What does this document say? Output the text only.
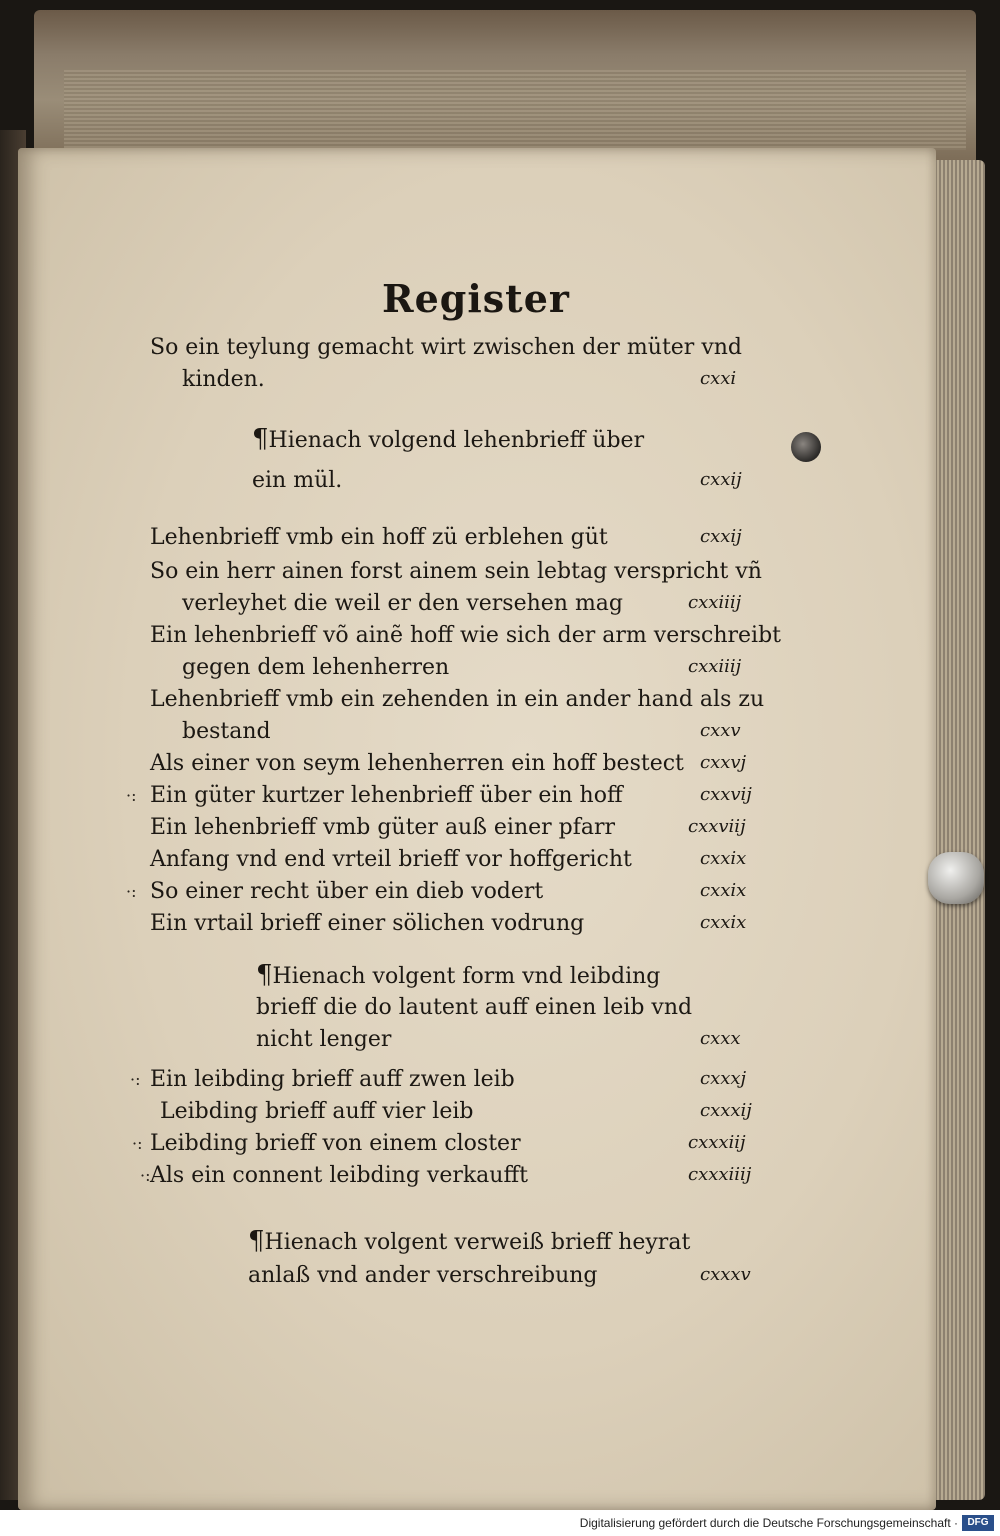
Register
So ein teylung gemacht wirt zwischen der müter vnd
kinden.	cxxi
¶Hienach volgend lehenbrieff über
ein mül.	cxxij
Lehenbrieff vmb ein hoff zü erblehen güt	cxxij
So ein herr ainen forst ainem sein lebtag verspricht vñ
verleyhet die weil er den versehen mag	cxxiiij
Ein lehenbrieff võ ainẽ hoff wie sich der arm verschreibt
gegen dem lehenherren	cxxiiij
Lehenbrieff vmb ein zehenden in ein ander hand als zu
bestand	cxxv
Als einer von seym lehenherren ein hoff bestect cxxvj
Ein güter kurtzer lehenbrieff über ein hoff	cxxvij
·:
Ein lehenbrieff vmb güter auß einer pfarr	cxxviij
Anfang vnd end vrteil brieff vor hoffgericht	cxxix
So einer recht über ein dieb vodert	cxxix
·:
Ein vrtail brieff einer sölichen vodrung	cxxix
¶Hienach volgent form vnd leibding
brieff die do lautent auff einen leib vnd
nicht lenger	cxxx
Ein leibding brieff auff zwen leib	cxxxj
·:
Leibding brieff auff vier leib	cxxxij
Leibding brieff von einem closter	cxxxiij
·:
Als ein connent leibding verkaufft	cxxxiiij
·:
¶Hienach volgent verweiß brieff heyrat
anlaß vnd ander verschreibung	cxxxv
Digitalisierung gefördert durch die Deutsche Forschungsgemeinschaft · DFG
